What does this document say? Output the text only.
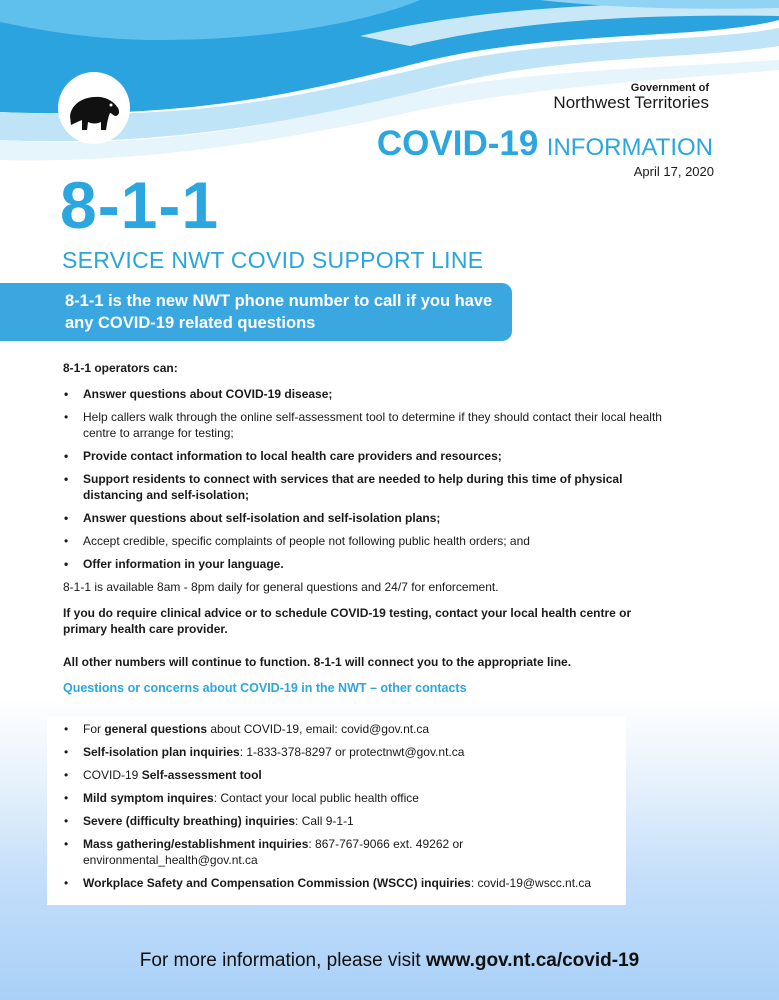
Government of
Northwest Territories
COVID-19 INFORMATION
April 17, 2020
8-1-1
SERVICE NWT COVID SUPPORT LINE

8-1-1 is the new NWT phone number to call if you have any COVID-19 related questions

8-1-1 operators can:

• Answer questions about COVID-19 disease;
• Help callers walk through the online self-assessment tool to determine if they should contact their local health centre to arrange for testing;
• Provide contact information to local health care providers and resources;
• Support residents to connect with services that are needed to help during this time of physical distancing and self-isolation;
• Answer questions about self-isolation and self-isolation plans;
• Accept credible, specific complaints of people not following public health orders; and
• Offer information in your language.

8-1-1 is available 8am - 8pm daily for general questions and 24/7 for enforcement.

If you do require clinical advice or to schedule COVID-19 testing, contact your local health centre or primary health care provider.

All other numbers will continue to function. 8-1-1 will connect you to the appropriate line.

Questions or concerns about COVID-19 in the NWT – other contacts

• For general questions about COVID-19, email: covid@gov.nt.ca
• Self-isolation plan inquiries: 1-833-378-8297 or protectnwt@gov.nt.ca
• COVID-19 Self-assessment tool
• Mild symptom inquires: Contact your local public health office
• Severe (difficulty breathing) inquiries: Call 9-1-1
• Mass gathering/establishment inquiries: 867-767-9066 ext. 49262 or environmental_health@gov.nt.ca
• Workplace Safety and Compensation Commission (WSCC) inquiries: covid-19@wscc.nt.ca
For more information, please visit www.gov.nt.ca/covid-19
